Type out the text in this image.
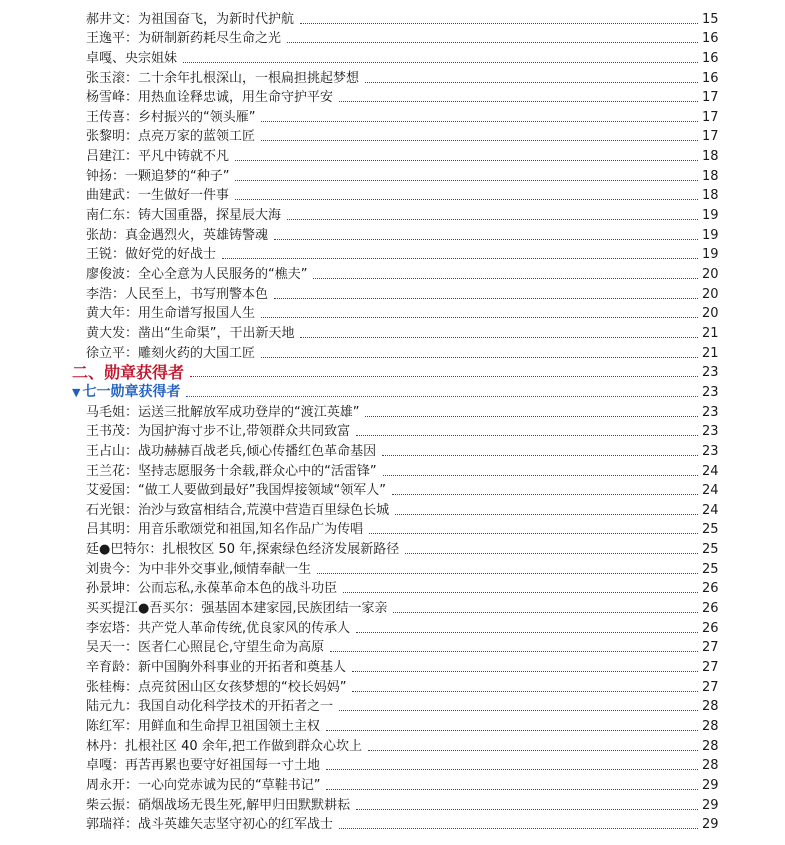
郝井文：为祖国奋飞，为新时代护航	15
王逸平：为研制新药耗尽生命之光	16
卓嘎、央宗姐妹	16
张玉滚：二十余年扎根深山，一根扁担挑起梦想	16
杨雪峰：用热血诠释忠诚，用生命守护平安	17
王传喜：乡村振兴的“领头雁”	17
张黎明：点亮万家的蓝领工匠	17
吕建江：平凡中铸就不凡	18
钟扬：一颗追梦的“种子”	18
曲建武：一生做好一件事	18
南仁东：铸大国重器，探星辰大海	19
张劼：真金遇烈火，英雄铸警魂	19
王锐：做好党的好战士	19
廖俊波：全心全意为人民服务的“樵夫”	20
李浩：人民至上，书写刑警本色	20
黄大年：用生命谱写报国人生	20
黄大发：凿出“生命渠”，干出新天地	21
徐立平：雕刻火药的大国工匠	21
二、勋章获得者	23
▼ 七一勋章获得者	23
马毛姐：运送三批解放军成功登岸的“渡江英雄”	23
王书茂：为国护海寸步不让,带领群众共同致富	23
王占山：战功赫赫百战老兵,倾心传播红色革命基因	23
王兰花：坚持志愿服务十余载,群众心中的“活雷锋”	24
艾爱国：“做工人要做到最好”我国焊接领域“领军人”	24
石光银：治沙与致富相结合,荒漠中营造百里绿色长城	24
吕其明：用音乐歌颂党和祖国,知名作品广为传唱	25
廷●巴特尔：扎根牧区 50 年,探索绿色经济发展新路径	25
刘贵今：为中非外交事业,倾情奉献一生	25
孙景坤：公而忘私,永葆革命本色的战斗功臣	26
买买提江●吾买尔：强基固本建家园,民族团结一家亲	26
李宏塔：共产党人革命传统,优良家风的传承人	26
吴天一：医者仁心照昆仑,守望生命为高原	27
辛育龄：新中国胸外科事业的开拓者和奠基人	27
张桂梅：点亮贫困山区女孩梦想的“校长妈妈”	27
陆元九：我国自动化科学技术的开拓者之一	28
陈红军：用鲜血和生命捍卫祖国领土主权	28
林丹：扎根社区 40 余年,把工作做到群众心坎上	28
卓嘎：再苦再累也要守好祖国每一寸土地	28
周永开：一心向党赤诚为民的“草鞋书记”	29
柴云振：硝烟战场无畏生死,解甲归田默默耕耘	29
郭瑞祥：战斗英雄矢志坚守初心的红军战士	29
